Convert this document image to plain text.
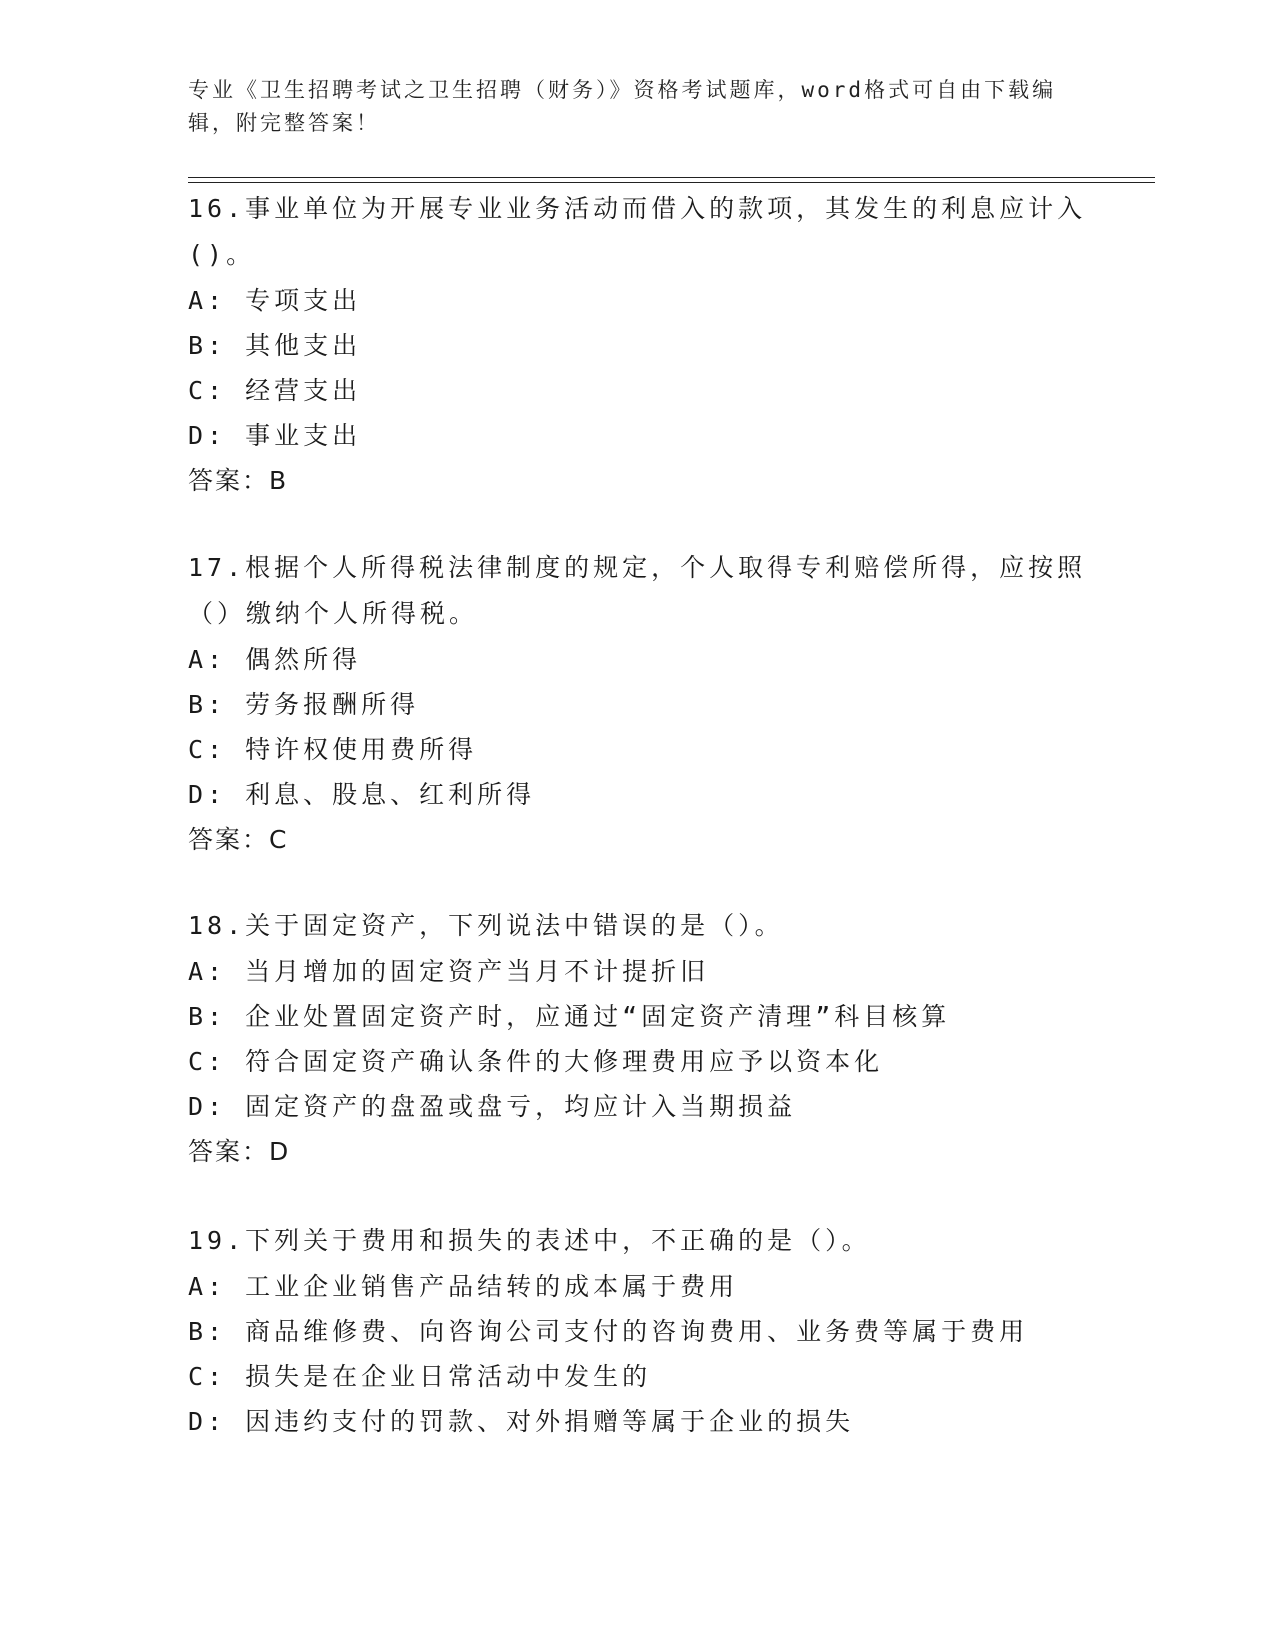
专业《卫生招聘考试之卫生招聘（财务）》资格考试题库，word格式可自由下载编辑，附完整答案！
16.事业单位为开展专业业务活动而借入的款项，其发生的利息应计入()。
A: 专项支出
B: 其他支出
C: 经营支出
D: 事业支出
答案：B
17.根据个人所得税法律制度的规定，个人取得专利赔偿所得，应按照（）缴纳个人所得税。
A: 偶然所得
B: 劳务报酬所得
C: 特许权使用费所得
D: 利息、股息、红利所得
答案：C
18.关于固定资产，下列说法中错误的是（）。
A: 当月增加的固定资产当月不计提折旧
B: 企业处置固定资产时，应通过“固定资产清理”科目核算
C: 符合固定资产确认条件的大修理费用应予以资本化
D: 固定资产的盘盈或盘亏，均应计入当期损益
答案：D
19.下列关于费用和损失的表述中，不正确的是（）。
A: 工业企业销售产品结转的成本属于费用
B: 商品维修费、向咨询公司支付的咨询费用、业务费等属于费用
C: 损失是在企业日常活动中发生的
D: 因违约支付的罚款、对外捐赠等属于企业的损失
